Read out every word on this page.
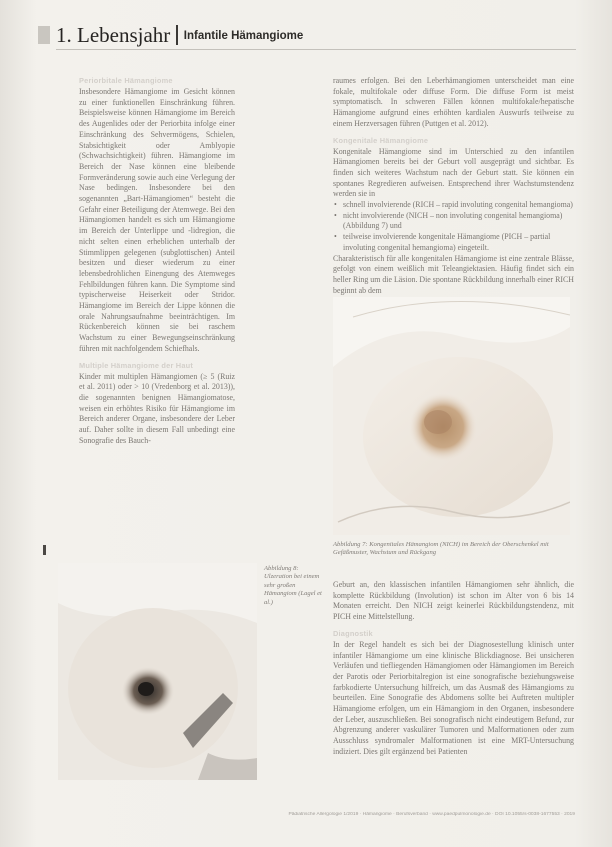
1. Lebensjahr $^{Infantile Hämangiome}$
Periorbitale Hämangiome

Insbesondere Hämangiome im Gesicht können zu einer funktionellen Einschränkung führen. Beispielsweise können Hämangiome im Bereich des Augenlides oder der Periorbita infolge einer Einschränkung des Sehvermögens, Schielen, Stabsichtigkeit oder Amblyopie (Schwachsichtigkeit) führen. Hämangiome im Bereich der Nase können eine bleibende Formveränderung sowie auch eine Verlegung der Nase bedingen. Insbesondere bei den sogenannten „Bart-Hämangiomen“ besteht die Gefahr einer Beteiligung der Atemwege. Bei den Hämangiomen handelt es sich um Hämangiome im Bereich der Unterlippe und -lidregion, die nicht selten einen erheblichen unterhalb der Stimmlippen gelegenen (subglottischen) Anteil besitzen und dieser wiederum zu einer lebensbedrohlichen Einengung des Atemweges Fehlbildungen führen kann. Die Symptome sind typischerweise Heiserkeit oder Stridor. Hämangiome im Bereich der Lippe können die orale Nahrungsaufnahme beeinträchtigen. Im Rückenbereich können sie bei raschem Wachstum zu einer Bewegungseinschränkung führen mit nachfolgendem Schiefhals.

Multiple Hämangiome der Haut

Kinder mit multiplen Hämangiomen (≥ 5 (Ruiz et al. 2011) oder > 10 (Vredenborg et al. 2013)), die sogenannten benignen Hämangiomatose, weisen ein erhöhtes Risiko für Hämangiome im Bereich anderer Organe, insbesondere der Leber auf. Daher sollte in diesem Fall unbedingt eine Sonografie des Bauch-

raumes erfolgen. Bei den Leberhämangiomen unterscheidet man eine fokale, multifokale oder diffuse Form. Die diffuse Form ist meist symptomatisch. In schweren Fällen können multifokale/hepatische Hämangiome aufgrund eines erhöhten kardialen Auswurfs teilweise zu einem Herzversagen führen (Puttgen et al. 2012).

Kongenitale Hämangiome

Kongenitale Hämangiome sind im Unterschied zu den infantilen Hämangiomen bereits bei der Geburt voll ausgeprägt und sichtbar. Es finden sich weiteres Wachstum nach der Geburt statt. Sie können ein spontanes Regredieren aufweisen. Entsprechend ihrer Wachstumstendenz werden sie in

• schnell involvierende (RICH – rapid involuting congenital hemangioma)
• nicht involvierende (NICH – non involuting congenital hemangioma) (Abbildung 7) und
• teilweise involvierende kongenitale Hämangiome (PICH – partial involuting congenital hemangioma) eingeteilt.

Charakteristisch für alle kongenitalen Hämangiome ist eine zentrale Blässe, gefolgt von einem weißlich mit Teleangiektasien. Häufig findet sich ein heller Ring um die Läsion. Die spontane Rückbildung innerhalb einer RICH beginnt ab dem

Abbildung 7: Kongenitales Hämangiom (NICH) im Bereich der Oberschenkel mit Gefäßmuster, Wachstum und Rückgang
Abbildung 8: Ulzeration bei einem sehr großen Hämangiom (Lagel et al.)

Geburt an, den klassischen infantilen Hämangiomen sehr ähnlich, die komplette Rückbildung (Involution) ist schon im Alter von 6 bis 14 Monaten erreicht. Den NICH zeigt keinerlei Rückbildungstendenz, mit PICH eine Mittelstellung.

Diagnostik

In der Regel handelt es sich bei der Diagnosestellung klinisch unter infantiler Hämangiome um eine klinische Blickdiagnose. Bei unsicheren Verläufen und tiefliegenden Hämangiomen oder Hämangiomen im Bereich der Parotis oder Periorbitalregion ist eine sonografische beziehungsweise farbkodierte Untersuchung hilfreich, um das Ausmaß des Hämangioms zu beurteilen. Eine Sonografie des Abdomens sollte bei Auftreten multipler Hämangiome erfolgen, um ein Hämangiom in den Organen, insbesondere der Leber, auszuschließen. Bei sonografisch nicht eindeutigem Befund, zur Abgrenzung anderer vaskulärer Tumoren und Malformationen oder zum Ausschluss syndromaler Malformationen ist eine MRT-Untersuchung indiziert. Dies gilt ergänzend bei Patienten

Pädiatrische Allergologie 1/2019 · Hämangiome · Berufsverband · www.paedpulmonologie.de · DOI 10.1055/s-0038-1677553 · 2019
